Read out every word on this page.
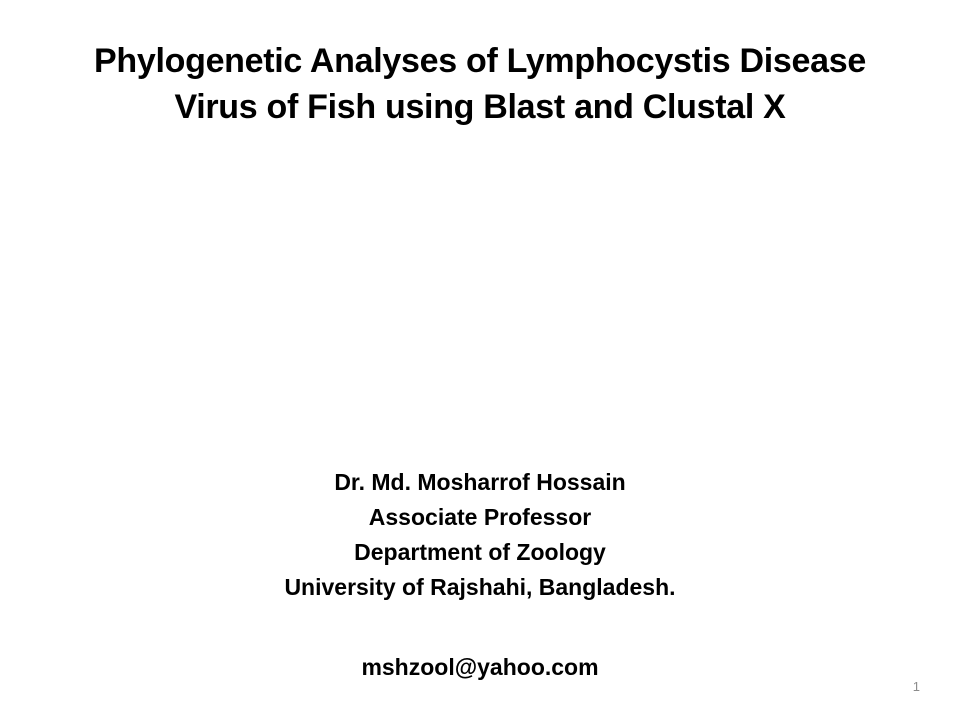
Phylogenetic Analyses of Lymphocystis Disease
Virus of Fish using Blast and Clustal X
Dr. Md. Mosharrof Hossain
Associate Professor
Department of Zoology
University of Rajshahi, Bangladesh.
mshzool@yahoo.com
1
